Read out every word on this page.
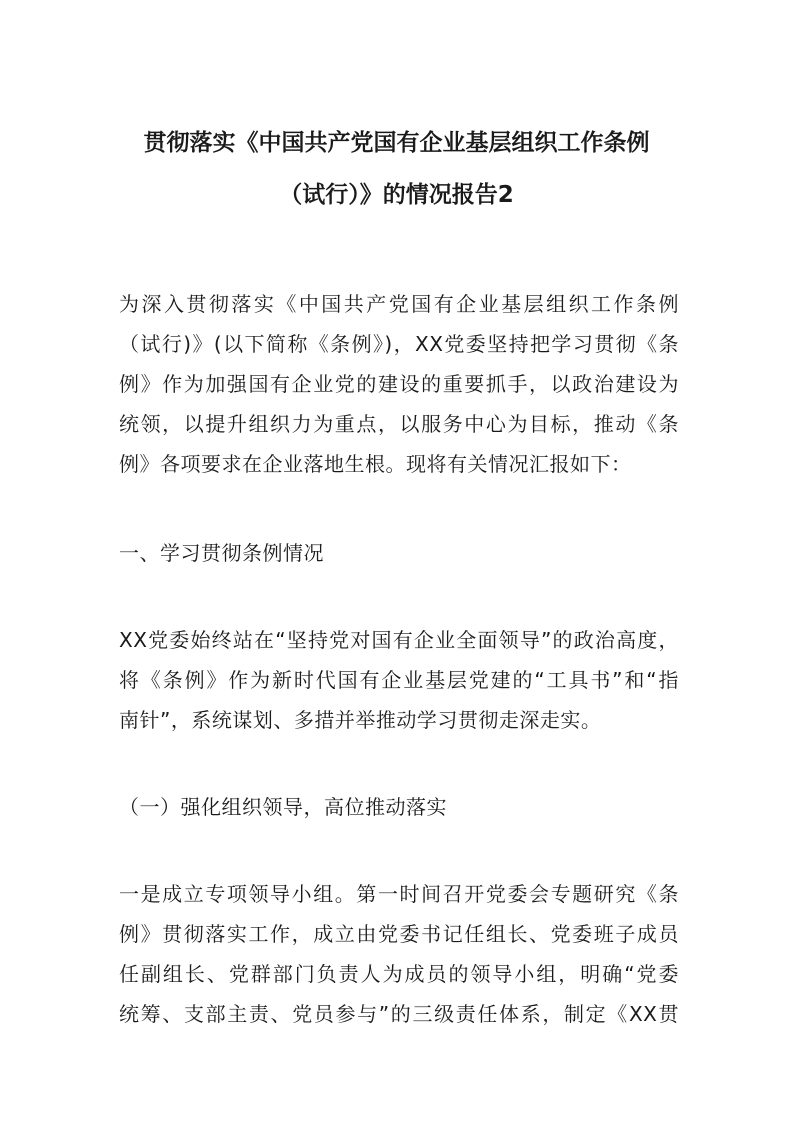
贯彻落实《中国共产党国有企业基层组织工作条例
（试行）》的情况报告2
为深入贯彻落实《中国共产党国有企业基层组织工作条例
（试行)》(以下简称《条例》)，XX党委坚持把学习贯彻《条
例》作为加强国有企业党的建设的重要抓手，以政治建设为
统领，以提升组织力为重点，以服务中心为目标，推动《条
例》各项要求在企业落地生根。现将有关情况汇报如下：
一、学习贯彻条例情况
XX党委始终站在“坚持党对国有企业全面领导”的政治高度，
将《条例》作为新时代国有企业基层党建的“工具书”和“指
南针”，系统谋划、多措并举推动学习贯彻走深走实。
（一）强化组织领导，高位推动落实
一是成立专项领导小组。第一时间召开党委会专题研究《条
例》贯彻落实工作，成立由党委书记任组长、党委班子成员
任副组长、党群部门负责人为成员的领导小组，明确“党委
统筹、支部主责、党员参与”的三级责任体系，制定《XX贯
